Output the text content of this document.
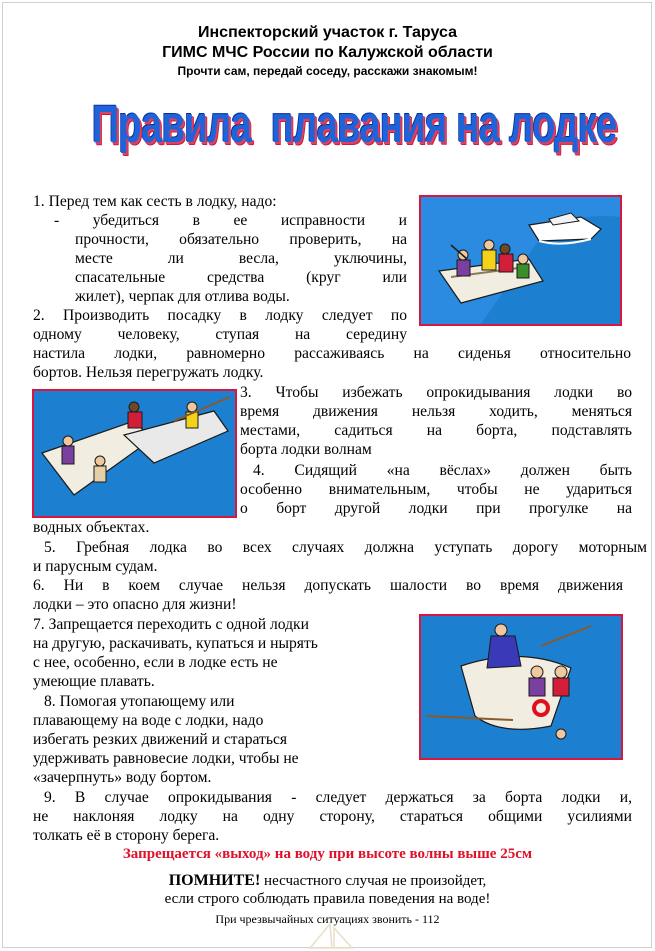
Инспекторский участок г. Таруса
ГИМС МЧС России по Калужской области
Прочти сам, передай соседу, расскажи знакомым!
Правила  плавания на лодке
1. Перед тем как сесть в лодку, надо:
- убедиться в ее исправности и
прочности, обязательно проверить, на
месте ли весла, уключины,
спасательные средства (круг или
жилет), черпак для отлива воды.
2. Производить посадку в лодку следует по
одному человеку, ступая на середину
настила лодки, равномерно рассаживаясь на сиденья относительно
бортов. Нельзя перегружать лодку.
3. Чтобы избежать опрокидывания лодки во
время движения нельзя ходить, меняться
местами, садиться на борта, подставлять
борта лодки волнам
4. Сидящий «на вёслах» должен быть
особенно внимательным, чтобы не удариться
о борт другой лодки при прогулке на
водных объектах.
5. Гребная лодка во всех случаях должна уступать дорогу моторным
и парусным судам.
6. Ни в коем случае нельзя допускать шалости во время движения
лодки – это опасно для жизни!
7. Запрещается переходить с одной лодки
на другую, раскачивать, купаться и нырять
с нее, особенно, если в лодке есть не
умеющие плавать.
8. Помогая утопающему или
плавающему на воде с лодки, надо
избегать резких движений и стараться
удерживать равновесие лодки, чтобы не
«зачерпнуть» воду бортом.
9. В случае опрокидывания - следует держаться за борта лодки и,
не наклоняя лодку на одну сторону, стараться общими усилиями
толкать её в сторону берега.
Запрещается «выход» на воду при высоте волны выше 25см
ПОМНИТЕ! несчастного случая не произойдет,
если строго соблюдать правила поведения на воде!
При чрезвычайных ситуациях звонить - 112
